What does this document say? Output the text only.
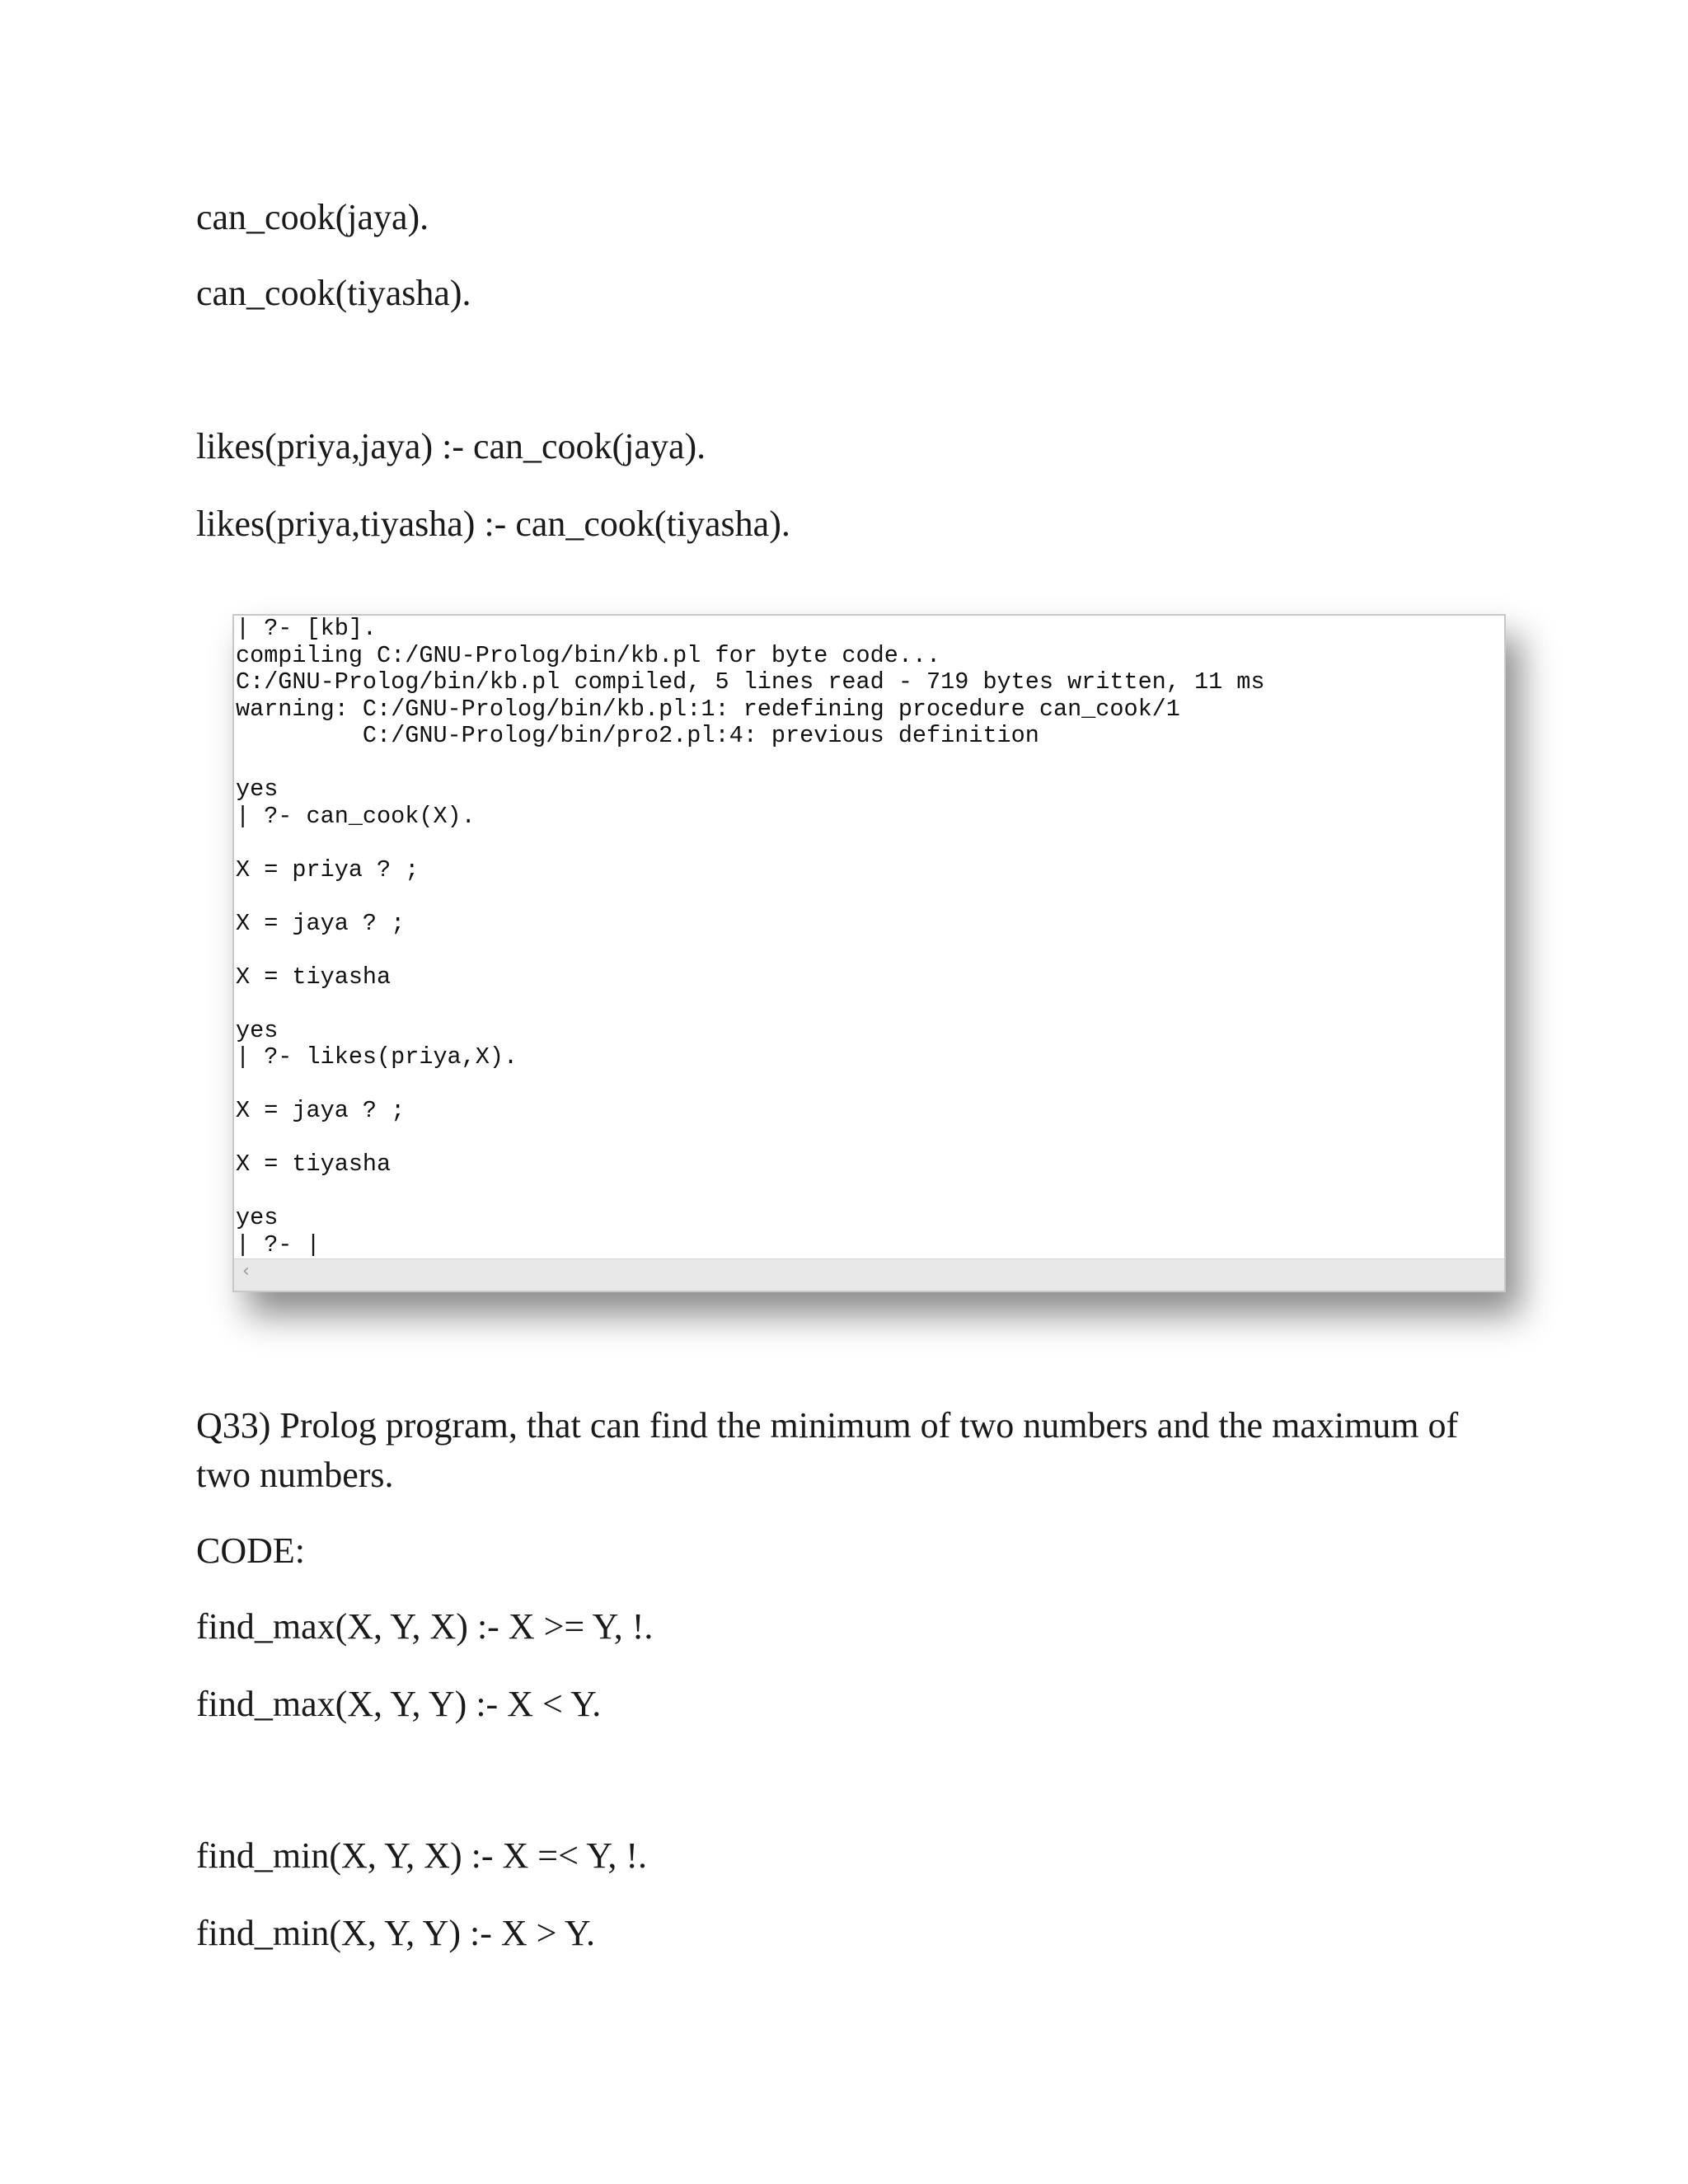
can_cook(jaya).
can_cook(tiyasha).
likes(priya,jaya) :- can_cook(jaya).
likes(priya,tiyasha) :- can_cook(tiyasha).
| ?- [kb].
compiling C:/GNU-Prolog/bin/kb.pl for byte code...
C:/GNU-Prolog/bin/kb.pl compiled, 5 lines read - 719 bytes written, 11 ms
warning: C:/GNU-Prolog/bin/kb.pl:1: redefining procedure can_cook/1
C:/GNU-Prolog/bin/pro2.pl:4: previous definition

yes
| ?- can_cook(X).

X = priya ? ;

X = jaya ? ;

X = tiyasha

yes
| ?- likes(priya,X).

X = jaya ? ;

X = tiyasha

yes
| ?- |
‹
Q33) Prolog program, that can find the minimum of two numbers and the maximum of two numbers.
CODE:
find_max(X, Y, X) :- X >= Y, !.
find_max(X, Y, Y) :- X < Y.
find_min(X, Y, X) :- X =< Y, !.
find_min(X, Y, Y) :- X > Y.
